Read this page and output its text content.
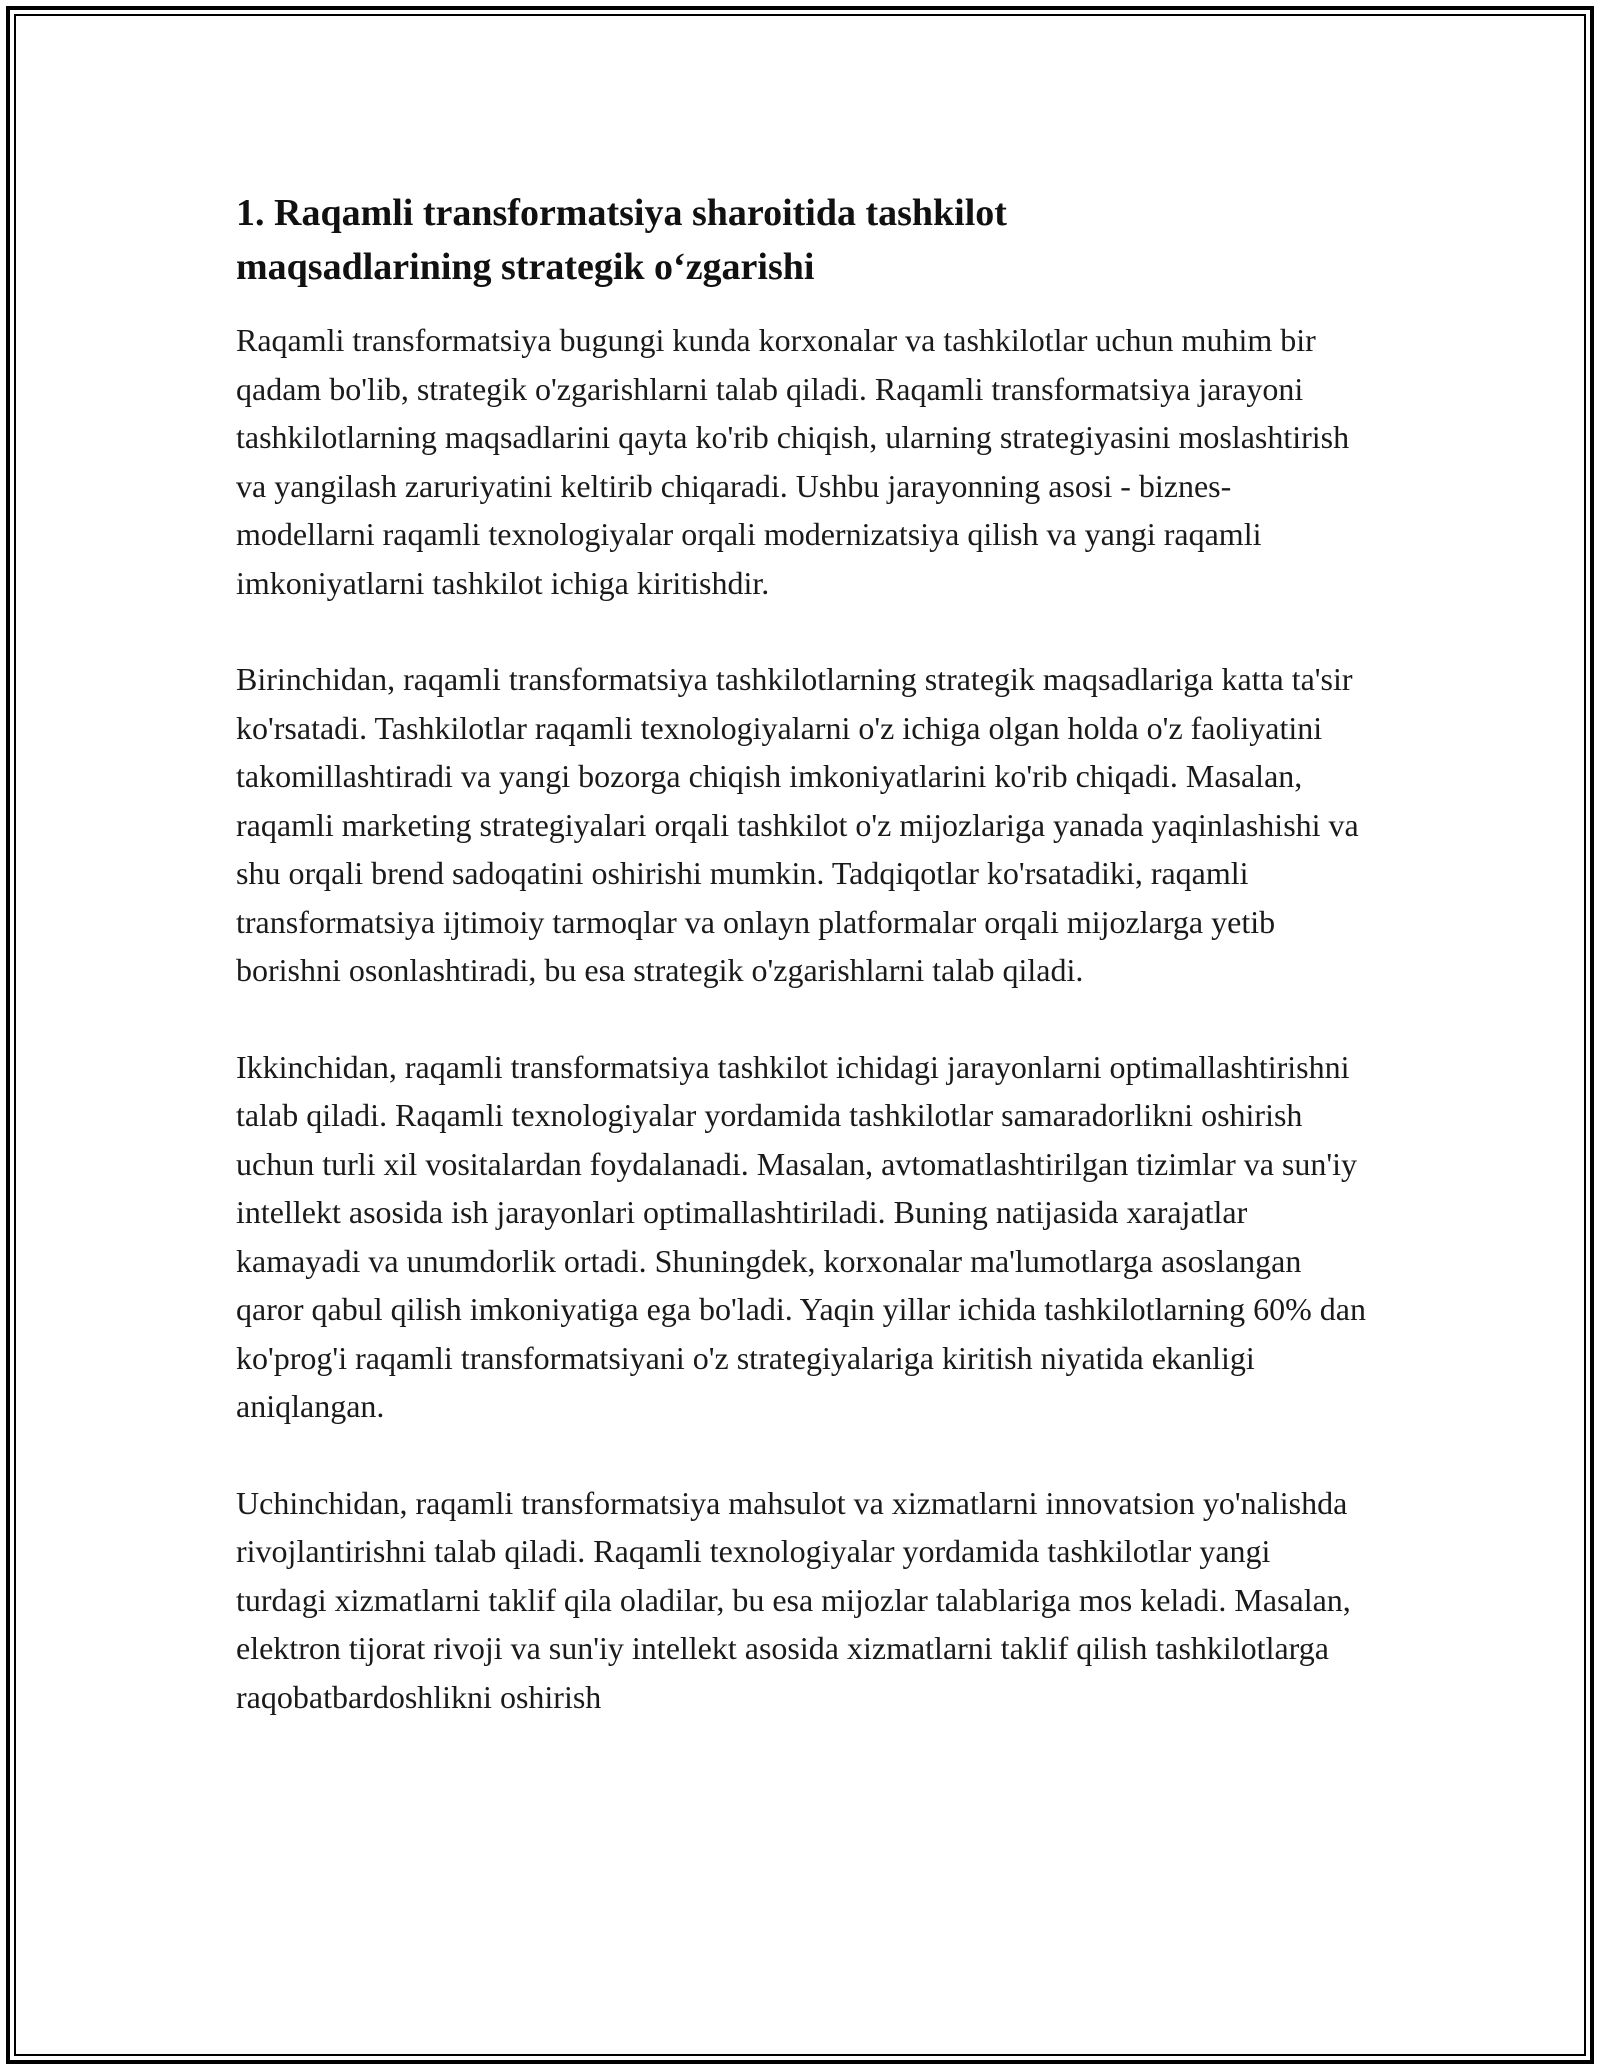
1. Raqamli transformatsiya sharoitida tashkilot
maqsadlarining strategik o‘zgarishi

Raqamli transformatsiya bugungi kunda korxonalar va tashkilotlar uchun muhim bir qadam bo'lib, strategik o'zgarishlarni talab qiladi. Raqamli transformatsiya jarayoni tashkilotlarning maqsadlarini qayta ko'rib chiqish, ularning strategiyasini moslashtirish va yangilash zaruriyatini keltirib chiqaradi. Ushbu jarayonning asosi - biznes-modellarni raqamli texnologiyalar orqali modernizatsiya qilish va yangi raqamli imkoniyatlarni tashkilot ichiga kiritishdir.

Birinchidan, raqamli transformatsiya tashkilotlarning strategik maqsadlariga katta ta'sir ko'rsatadi. Tashkilotlar raqamli texnologiyalarni o'z ichiga olgan holda o'z faoliyatini takomillashtiradi va yangi bozorga chiqish imkoniyatlarini ko'rib chiqadi. Masalan, raqamli marketing strategiyalari orqali tashkilot o'z mijozlariga yanada yaqinlashishi va shu orqali brend sadoqatini oshirishi mumkin. Tadqiqotlar ko'rsatadiki, raqamli transformatsiya ijtimoiy tarmoqlar va onlayn platformalar orqali mijozlarga yetib borishni osonlashtiradi, bu esa strategik o'zgarishlarni talab qiladi.

Ikkinchidan, raqamli transformatsiya tashkilot ichidagi jarayonlarni optimallashtirishni talab qiladi. Raqamli texnologiyalar yordamida tashkilotlar samaradorlikni oshirish uchun turli xil vositalardan foydalanadi. Masalan, avtomatlashtirilgan tizimlar va sun'iy intellekt asosida ish jarayonlari optimallashtiriladi. Buning natijasida xarajatlar kamayadi va unumdorlik ortadi. Shuningdek, korxonalar ma'lumotlarga asoslangan qaror qabul qilish imkoniyatiga ega bo'ladi. Yaqin yillar ichida tashkilotlarning 60% dan ko'prog'i raqamli transformatsiyani o'z strategiyalariga kiritish niyatida ekanligi aniqlangan.

Uchinchidan, raqamli transformatsiya mahsulot va xizmatlarni innovatsion yo'nalishda rivojlantirishni talab qiladi. Raqamli texnologiyalar yordamida tashkilotlar yangi turdagi xizmatlarni taklif qila oladilar, bu esa mijozlar talablariga mos keladi. Masalan, elektron tijorat rivoji va sun'iy intellekt asosida xizmatlarni taklif qilish tashkilotlarga raqobatbardoshlikni oshirish
